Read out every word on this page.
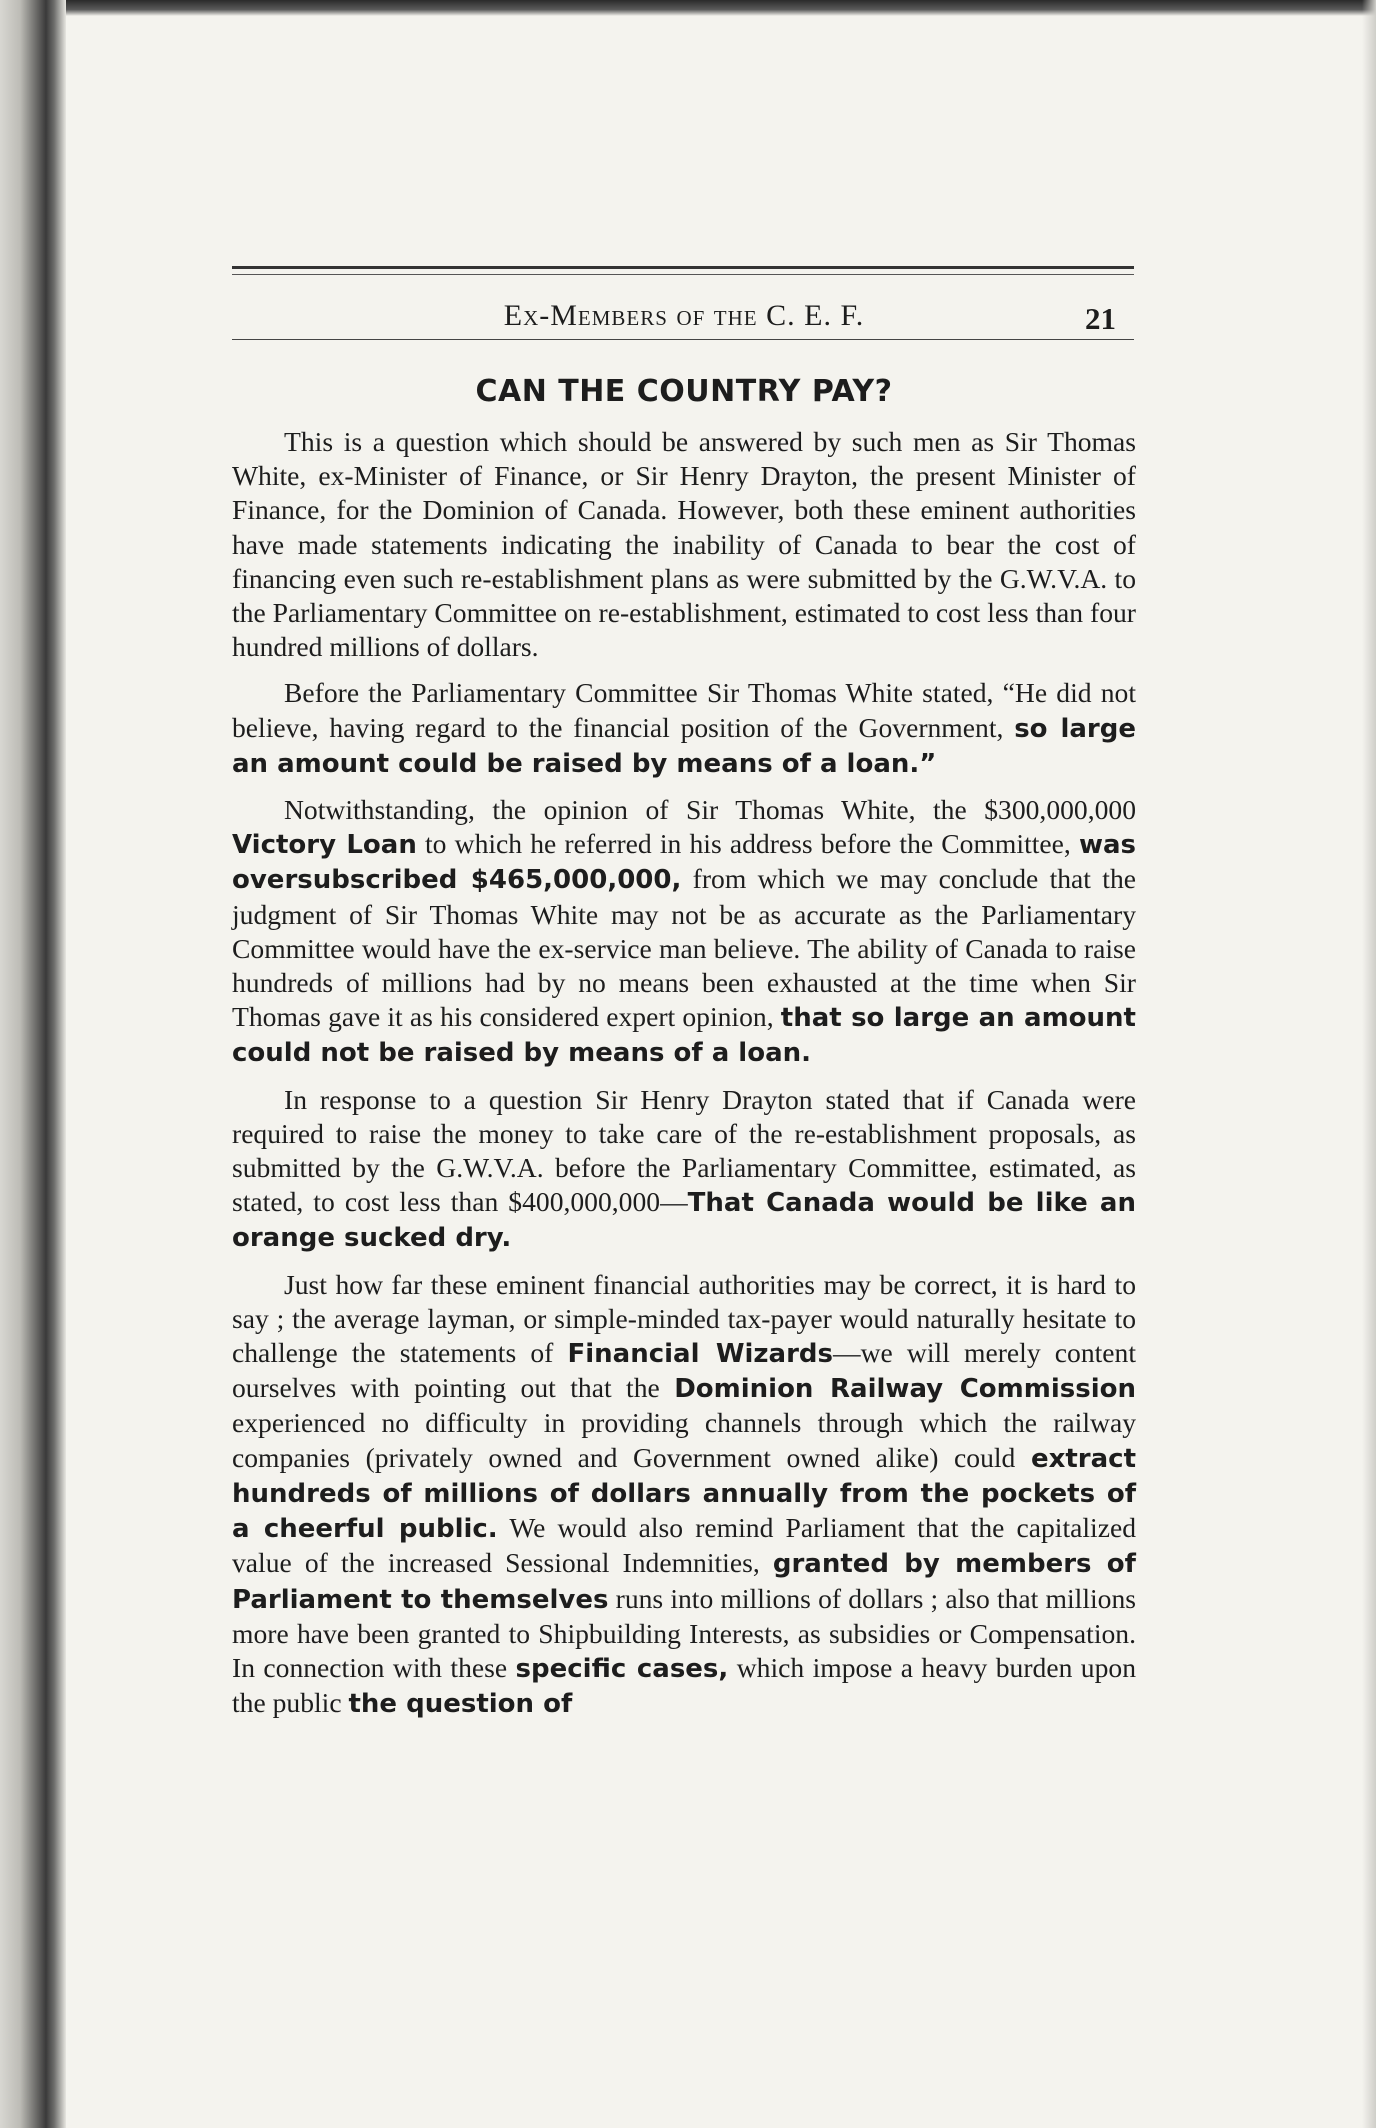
Ex-Members of the C. E. F.	21
CAN THE COUNTRY PAY?

This is a question which should be answered by such men as Sir Thomas White, ex-Minister of Finance, or Sir Henry Drayton, the present Minister of Finance, for the Dominion of Canada. However, both these eminent authorities have made statements indicating the inability of Canada to bear the cost of financing even such re-establishment plans as were submitted by the G.W.V.A. to the Parliamentary Committee on re-establishment, estimated to cost less than four hundred millions of dollars.

Before the Parliamentary Committee Sir Thomas White stated, “He did not believe, having regard to the financial position of the Government, so large an amount could be raised by means of a loan.”

Notwithstanding, the opinion of Sir Thomas White, the $300,000,000 Victory Loan to which he referred in his address before the Committee, was oversubscribed $465,000,000, from which we may conclude that the judgment of Sir Thomas White may not be as accurate as the Parliamentary Committee would have the ex-service man believe. The ability of Canada to raise hundreds of millions had by no means been exhausted at the time when Sir Thomas gave it as his considered expert opinion, that so large an amount could not be raised by means of a loan.

In response to a question Sir Henry Drayton stated that if Canada were required to raise the money to take care of the re-establishment proposals, as submitted by the G.W.V.A. before the Parliamentary Committee, estimated, as stated, to cost less than $400,000,000—That Canada would be like an orange sucked dry.

Just how far these eminent financial authorities may be correct, it is hard to say ; the average layman, or simple-minded tax-payer would naturally hesitate to challenge the statements of Financial Wizards—we will merely content ourselves with pointing out that the Dominion Railway Commission experienced no difficulty in providing channels through which the railway companies (privately owned and Government owned alike) could extract hundreds of millions of dollars annually from the pockets of a cheerful public. We would also remind Parliament that the capitalized value of the increased Sessional Indemnities, granted by members of Parliament to themselves runs into millions of dollars ; also that millions more have been granted to Shipbuilding Interests, as subsidies or Compensation. In connection with these specific cases, which impose a heavy burden upon the public the question of
